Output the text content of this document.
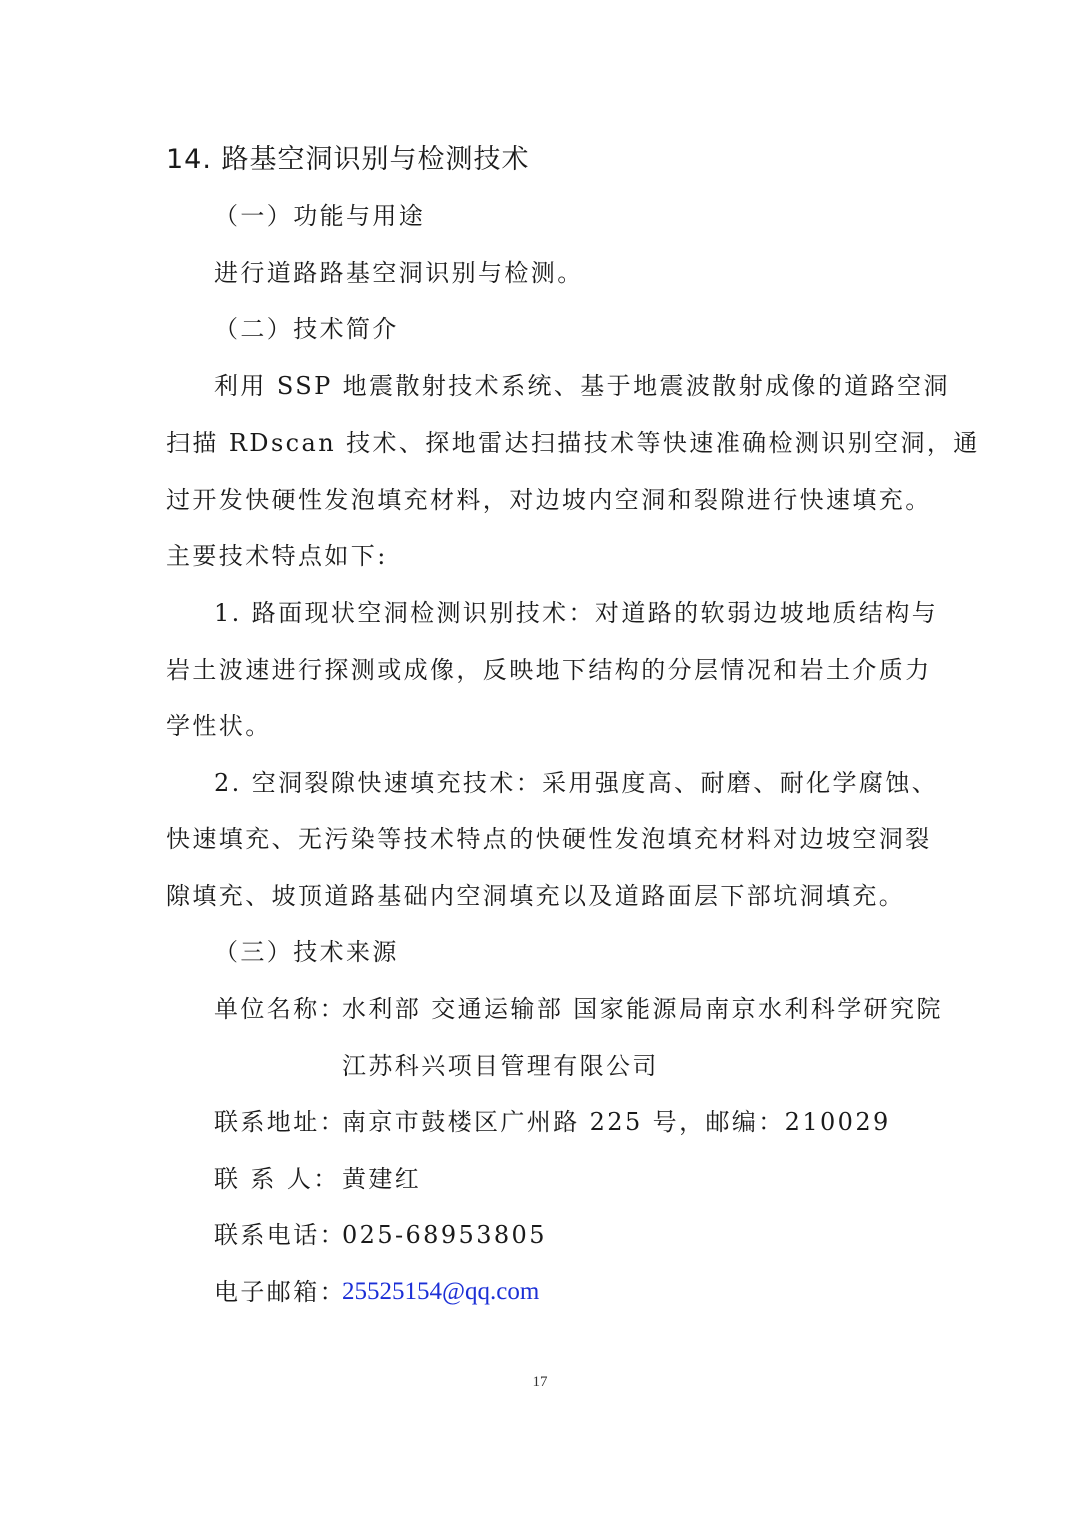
14. 路基空洞识别与检测技术
（一）功能与用途
进行道路路基空洞识别与检测。
（二）技术简介
利用 SSP 地震散射技术系统、基于地震波散射成像的道路空洞
扫描 RDscan 技术、探地雷达扫描技术等快速准确检测识别空洞，通
过开发快硬性发泡填充材料，对边坡内空洞和裂隙进行快速填充。
主要技术特点如下:
1. 路面现状空洞检测识别技术：对道路的软弱边坡地质结构与
岩土波速进行探测或成像，反映地下结构的分层情况和岩土介质力
学性状。
2. 空洞裂隙快速填充技术：采用强度高、耐磨、耐化学腐蚀、
快速填充、无污染等技术特点的快硬性发泡填充材料对边坡空洞裂
隙填充、坡顶道路基础内空洞填充以及道路面层下部坑洞填充。
（三）技术来源
单位名称：
水利部 交通运输部 国家能源局南京水利科学研究院
江苏科兴项目管理有限公司
联系地址：
南京市鼓楼区广州路 225 号，邮编：210029
联 系 人： 黄建红
联系电话：
025-68953805
电子邮箱：
25525154@qq.com
17
